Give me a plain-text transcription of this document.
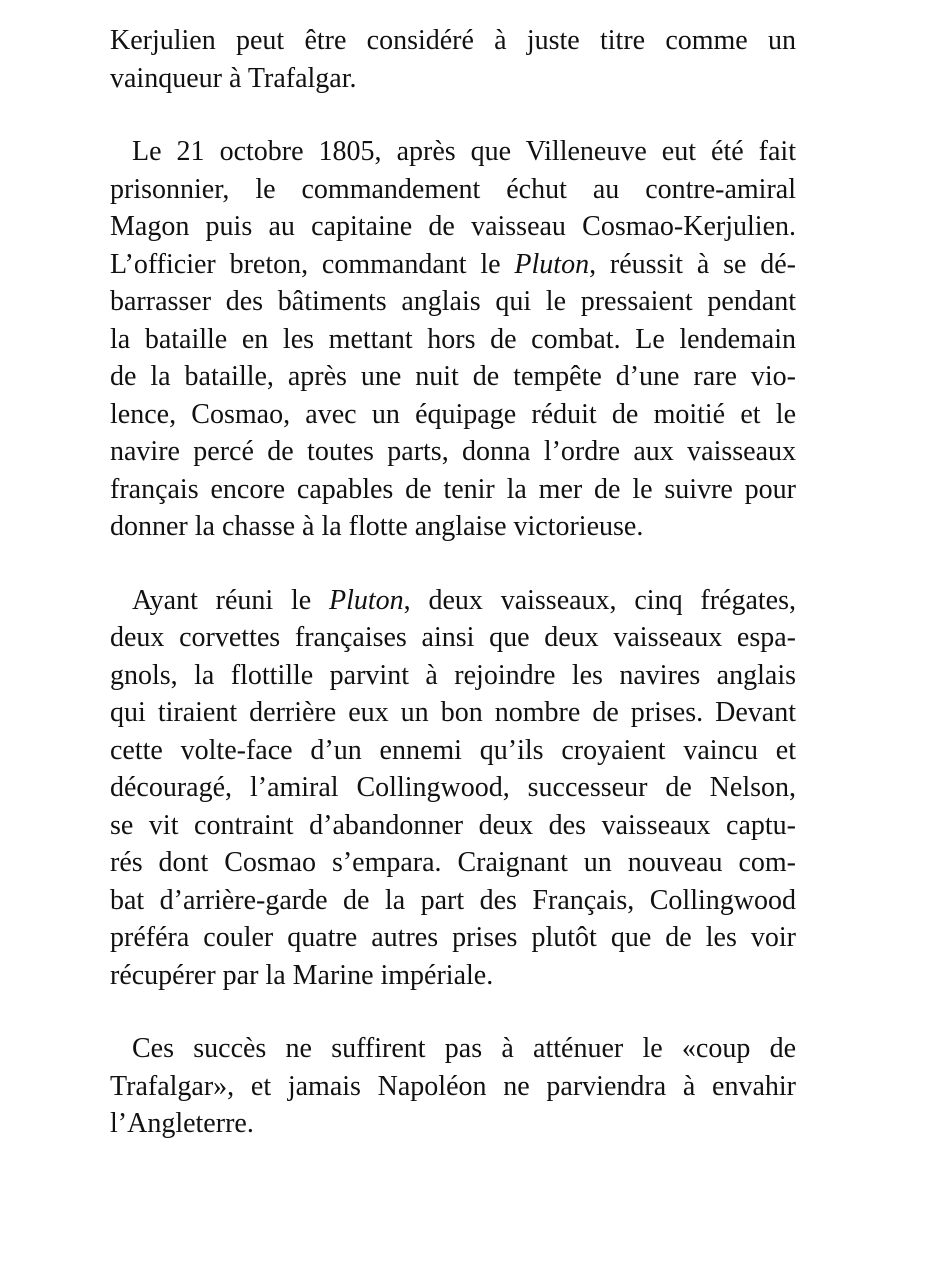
Kerjulien peut être considéré à juste titre comme un
vainqueur à Trafalgar.

Le 21 octobre 1805, après que Villeneuve eut été fait
prisonnier, le commandement échut au contre-amiral
Magon puis au capitaine de vaisseau Cosmao-Kerjulien.
L’officier breton, commandant le Pluton, réussit à se dé-
barrasser des bâtiments anglais qui le pressaient pendant
la bataille en les mettant hors de combat. Le lendemain
de la bataille, après une nuit de tempête d’une rare vio-
lence, Cosmao, avec un équipage réduit de moitié et le
navire percé de toutes parts, donna l’ordre aux vaisseaux
français encore capables de tenir la mer de le suivre pour
donner la chasse à la flotte anglaise victorieuse.

Ayant réuni le Pluton, deux vaisseaux, cinq frégates,
deux corvettes françaises ainsi que deux vaisseaux espa-
gnols, la flottille parvint à rejoindre les navires anglais
qui tiraient derrière eux un bon nombre de prises. Devant
cette volte-face d’un ennemi qu’ils croyaient vaincu et
découragé, l’amiral Collingwood, successeur de Nelson,
se vit contraint d’abandonner deux des vaisseaux captu-
rés dont Cosmao s’empara. Craignant un nouveau com-
bat d’arrière-garde de la part des Français, Collingwood
préféra couler quatre autres prises plutôt que de les voir
récupérer par la Marine impériale.

Ces succès ne suffirent pas à atténuer le «coup de
Trafalgar», et jamais Napoléon ne parviendra à envahir
l’Angleterre.
